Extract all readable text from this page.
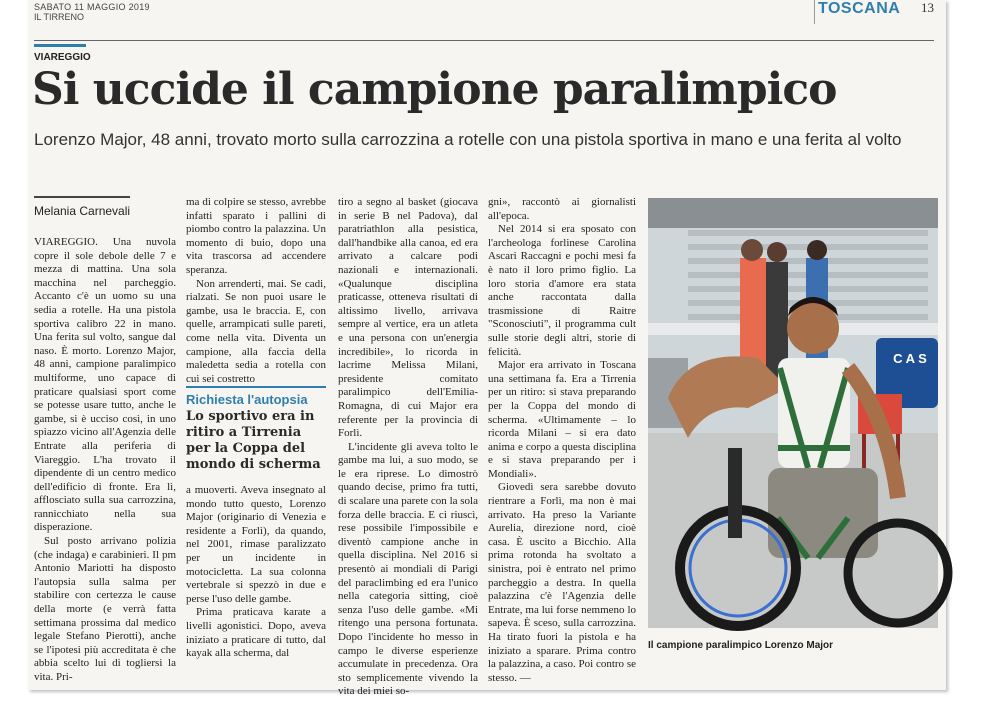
SABATO 11 MAGGIO 2019
IL TIRRENO	TOSCANA 13
VIAREGGIO
Si uccide il campione paralimpico
Lorenzo Major, 48 anni, trovato morto sulla carrozzina a rotelle con una pistola sportiva in mano e una ferita al volto
Melania Carnevali

VIAREGGIO. Una nuvola copre il sole debole delle 7 e mezza di mattina. Una sola macchina nel parcheggio. Accanto c'è un uomo su una sedia a rotelle. Ha una pistola sportiva calibro 22 in mano. Una ferita sul volto, sangue dal naso. È morto. Lorenzo Major, 48 anni, campione paralimpico multiforme, uno capace di praticare qualsiasi sport come se potesse usare tutto, anche le gambe, si è ucciso così, in uno spiazzo vicino all'Agenzia delle Entrate alla periferia di Viareggio. L'ha trovato il dipendente di un centro medico dell'edificio di fronte. Era lì, afflosciato sulla sua carrozzina, rannicchiato nella sua disperazione.

Sul posto arrivano polizia (che indaga) e carabinieri. Il pm Antonio Mariotti ha disposto l'autopsia sulla salma per stabilire con certezza le cause della morte (e verrà fatta settimana prossima dal medico legale Stefano Pierotti), anche se l'ipotesi più accreditata è che abbia scelto lui di togliersi la vita. Pri-

ma di colpire se stesso, avrebbe infatti sparato i pallini di piombo contro la palazzina. Un momento di buio, dopo una vita trascorsa ad accendere speranza.

Non arrenderti, mai. Se cadi, rialzati. Se non puoi usare le gambe, usa le braccia. E, con quelle, arrampicati sulle pareti, come nella vita. Diventa un campione, alla faccia della maledetta sedia a rotella con cui sei costretto

Richiesta l'autopsia
Lo sportivo era in ritiro a Tirrenia per la Coppa del mondo di scherma

a muoverti. Aveva insegnato al mondo tutto questo, Lorenzo Major (originario di Venezia e residente a Forlì), da quando, nel 2001, rimase paralizzato per un incidente in motocicletta. La sua colonna vertebrale si spezzò in due e perse l'uso delle gambe.

Prima praticava karate a livelli agonistici. Dopo, aveva iniziato a praticare di tutto, dal kayak alla scherma, dal

tiro a segno al basket (giocava in serie B nel Padova), dal paratriathlon alla pesistica, dall'handbike alla canoa, ed era arrivato a calcare podi nazionali e internazionali. «Qualunque disciplina praticasse, otteneva risultati di altissimo livello, arrivava sempre al vertice, era un atleta e una persona con un'energia incredibile», lo ricorda in lacrime Melissa Milani, presidente comitato paralimpico dell'Emilia-Romagna, di cui Major era referente per la provincia di Forlì.

L'incidente gli aveva tolto le gambe ma lui, a suo modo, se le era riprese. Lo dimostrò quando decise, primo fra tutti, di scalare una parete con la sola forza delle braccia. E ci riuscì, rese possibile l'impossibile e diventò campione anche in quella disciplina. Nel 2016 si presentò ai mondiali di Parigi del paraclimbing ed era l'unico nella categoria sitting, cioè senza l'uso delle gambe. «Mi ritengo una persona fortunata. Dopo l'incidente ho messo in campo le diverse esperienze accumulate in precedenza. Ora sto semplicemente vivendo la vita dei miei so-

gni», raccontò ai giornalisti all'epoca.

Nel 2014 si era sposato con l'archeologa forlinese Carolina Ascari Raccagni e pochi mesi fa è nato il loro primo figlio. La loro storia d'amore era stata anche raccontata dalla trasmissione di Raitre "Sconosciuti", il programma cult sulle storie degli altri, storie di felicità.

Major era arrivato in Toscana una settimana fa. Era a Tirrenia per un ritiro: si stava preparando per la Coppa del mondo di scherma. «Ultimamente – lo ricorda Milani – si era dato anima e corpo a questa disciplina e si stava preparando per i Mondiali».

Giovedì sera sarebbe dovuto rientrare a Forlì, ma non è mai arrivato. Ha preso la Variante Aurelia, direzione nord, cioè casa. È uscito a Bicchio. Alla prima rotonda ha svoltato a sinistra, poi è entrato nel primo parcheggio a destra. In quella palazzina c'è l'Agenzia delle Entrate, ma lui forse nemmeno lo sapeva. È sceso, sulla carrozzina. Ha tirato fuori la pistola e ha iniziato a sparare. Prima contro la palazzina, a caso. Poi contro se stesso. —

C A S
Il campione paralimpico Lorenzo Major
